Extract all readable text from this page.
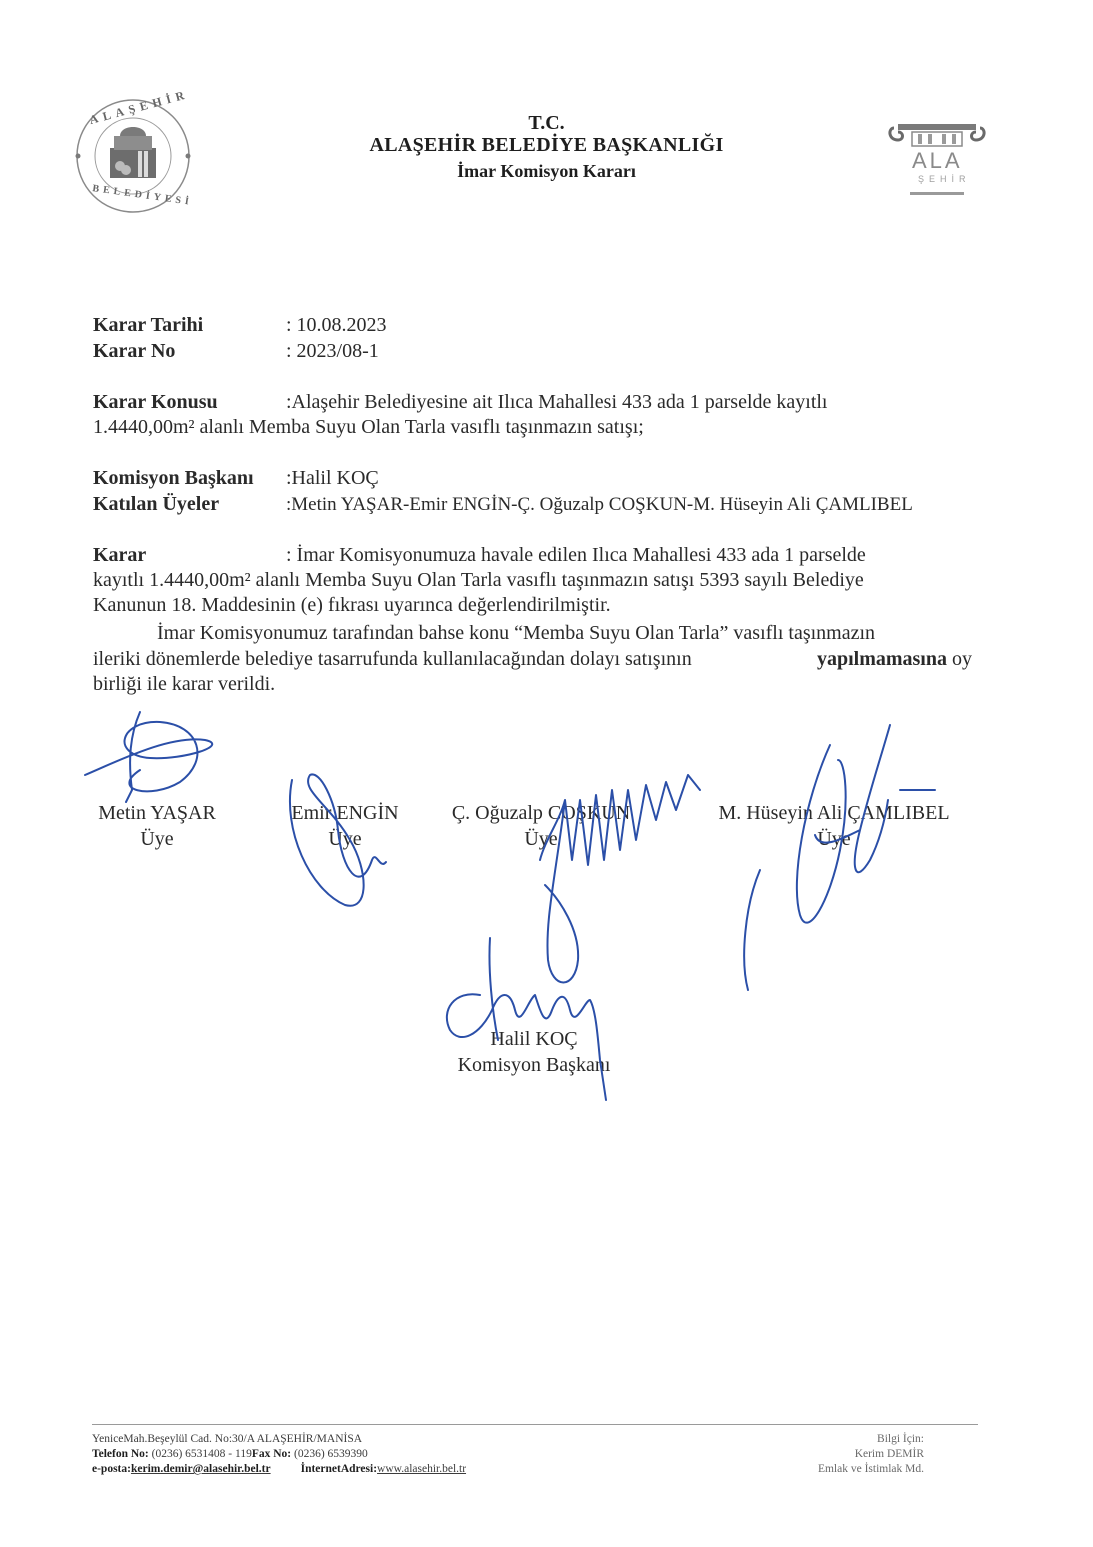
ALAŞEHİR
BELEDİYESİ
ALA
ŞEHİR
T.C.
ALAŞEHİR BELEDİYE BAŞKANLIĞI
İmar Komisyon Kararı
Karar Tarihi	: 10.08.2023
Karar No	: 2023/08-1
Karar Konusu	:Alaşehir Belediyesine ait Ilıca Mahallesi 433 ada 1 parselde kayıtlı
1.4440,00m² alanlı Memba Suyu Olan Tarla vasıflı taşınmazın satışı;
Komisyon Başkanı :Halil KOÇ
Katılan Üyeler	:Metin YAŞAR-Emir ENGİN-Ç. Oğuzalp COŞKUN-M. Hüseyin Ali ÇAMLIBEL
Karar	: İmar Komisyonumuza havale edilen Ilıca Mahallesi 433 ada 1 parselde
kayıtlı 1.4440,00m² alanlı Memba Suyu Olan Tarla vasıflı taşınmazın satışı 5393 sayılı Belediye
Kanunun 18. Maddesinin (e) fıkrası uyarınca değerlendirilmiştir.
İmar Komisyonumuz tarafından bahse konu “Memba Suyu Olan Tarla” vasıflı taşınmazın
ileriki dönemlerde belediye tasarrufunda kullanılacağından dolayı satışının	yapılmamasına oy
birliği ile karar verildi.
Metin YAŞAR
Üye
Emir ENGİN
Üye
Ç. Oğuzalp COŞKUN
Üye
M. Hüseyin Ali ÇAMLIBEL
Üye
Halil KOÇ
Komisyon Başkanı
YeniceMah.Beşeylül Cad. No:30/A ALAŞEHİR/MANİSA
Telefon No: (0236) 6531408 - 119Fax No: (0236) 6539390
e-posta:kerim.demir@alasehir.bel.tr	İnternetAdresi:www.alasehir.bel.tr
Bilgi İçin:
Kerim DEMİR
Emlak ve İstimlak Md.
